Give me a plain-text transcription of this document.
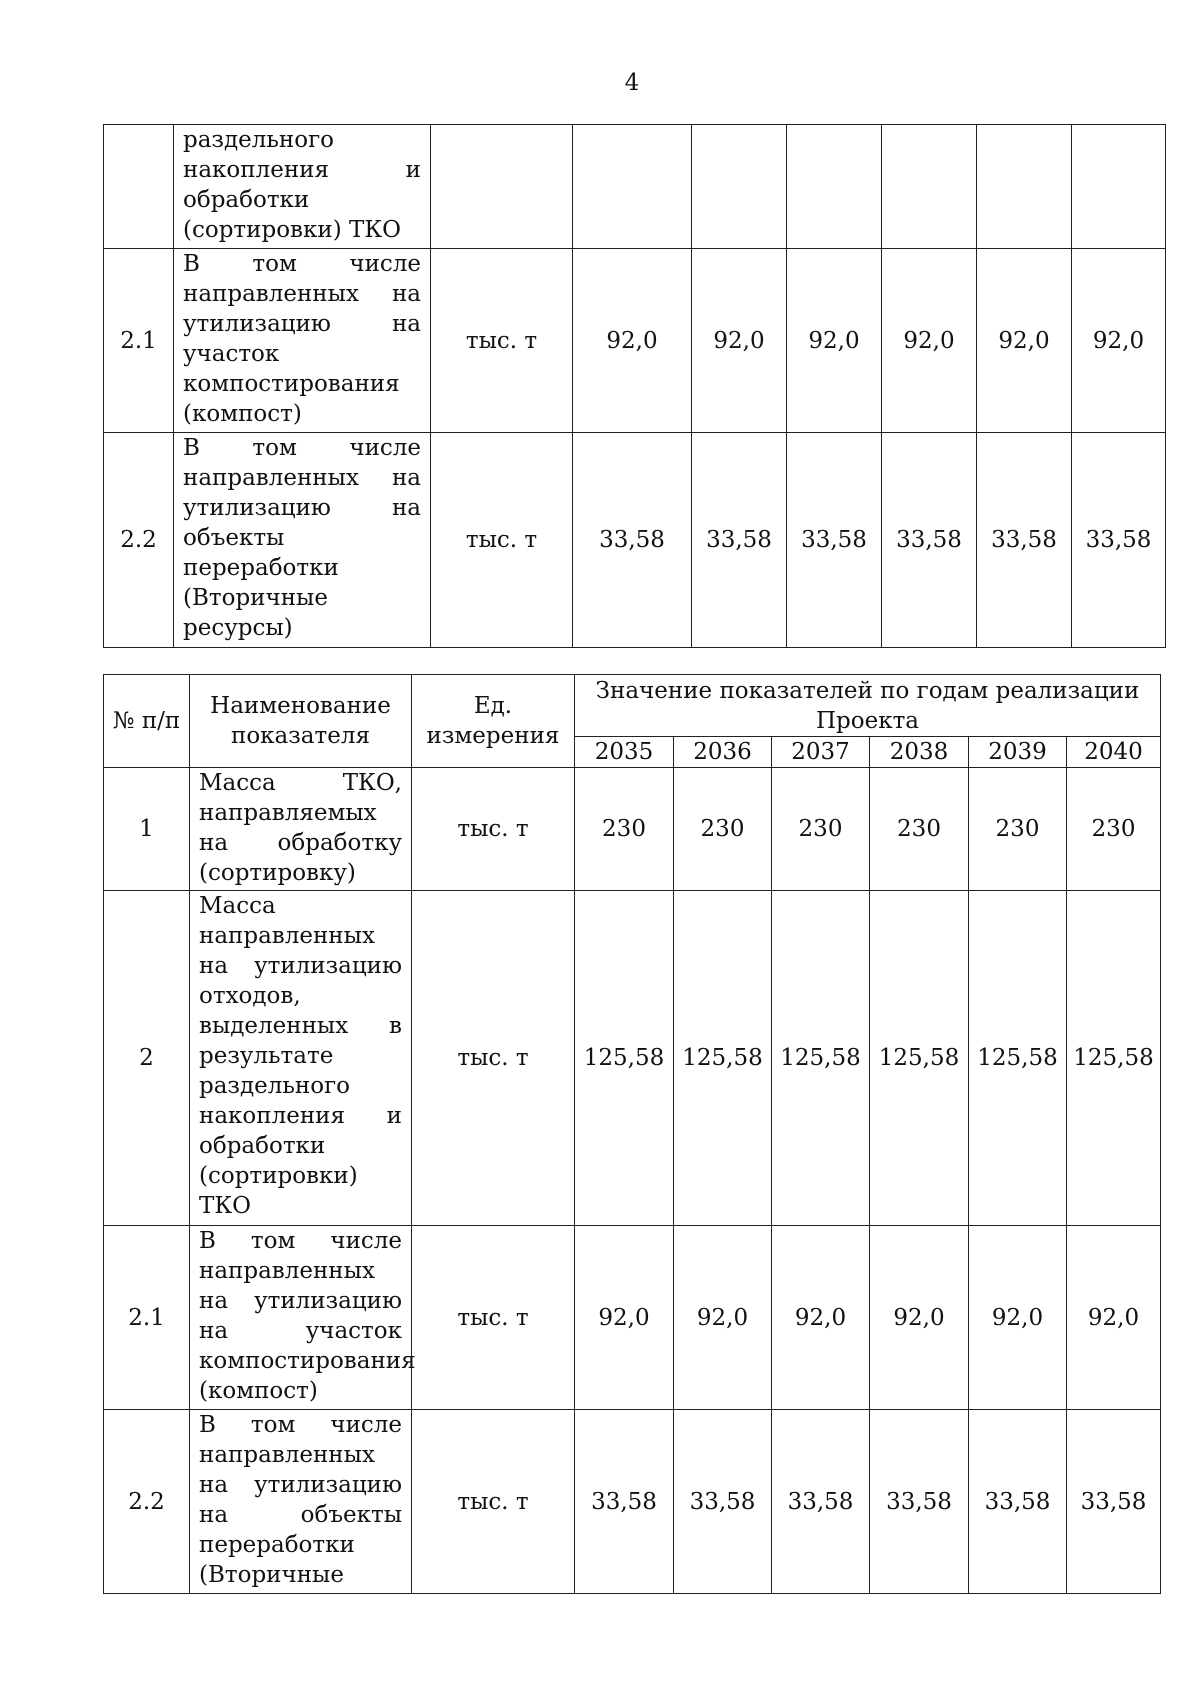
4
	раздельного накопления и обработки (сортировки) ТКО							
2.1	В том числе направленных на утилизацию на участок компостирования (компост)	тыс. т	92,0	92,0	92,0	92,0	92,0	92,0
2.2	В том числе направленных на утилизацию на объекты переработки (Вторичные ресурсы)	тыс. т	33,58	33,58	33,58	33,58	33,58	33,58
№ п/п	Наименование показателя	Ед. измерения	Значение показателей по годам реализации Проекта					
			2035	2036	2037	2038	2039	2040
1	Масса ТКО, направляемых на обработку (сортировку)	тыс. т	230	230	230	230	230	230
2	Масса направленных на утилизацию отходов, выделенных в результате раздельного накопления и обработки (сортировки) ТКО	тыс. т	125,58	125,58	125,58	125,58	125,58	125,58
2.1	В том числе направленных на утилизацию на участок компостирования (компост)	тыс. т	92,0	92,0	92,0	92,0	92,0	92,0
2.2	В том числе направленных на утилизацию на объекты переработки (Вторичные	тыс. т	33,58	33,58	33,58	33,58	33,58	33,58
